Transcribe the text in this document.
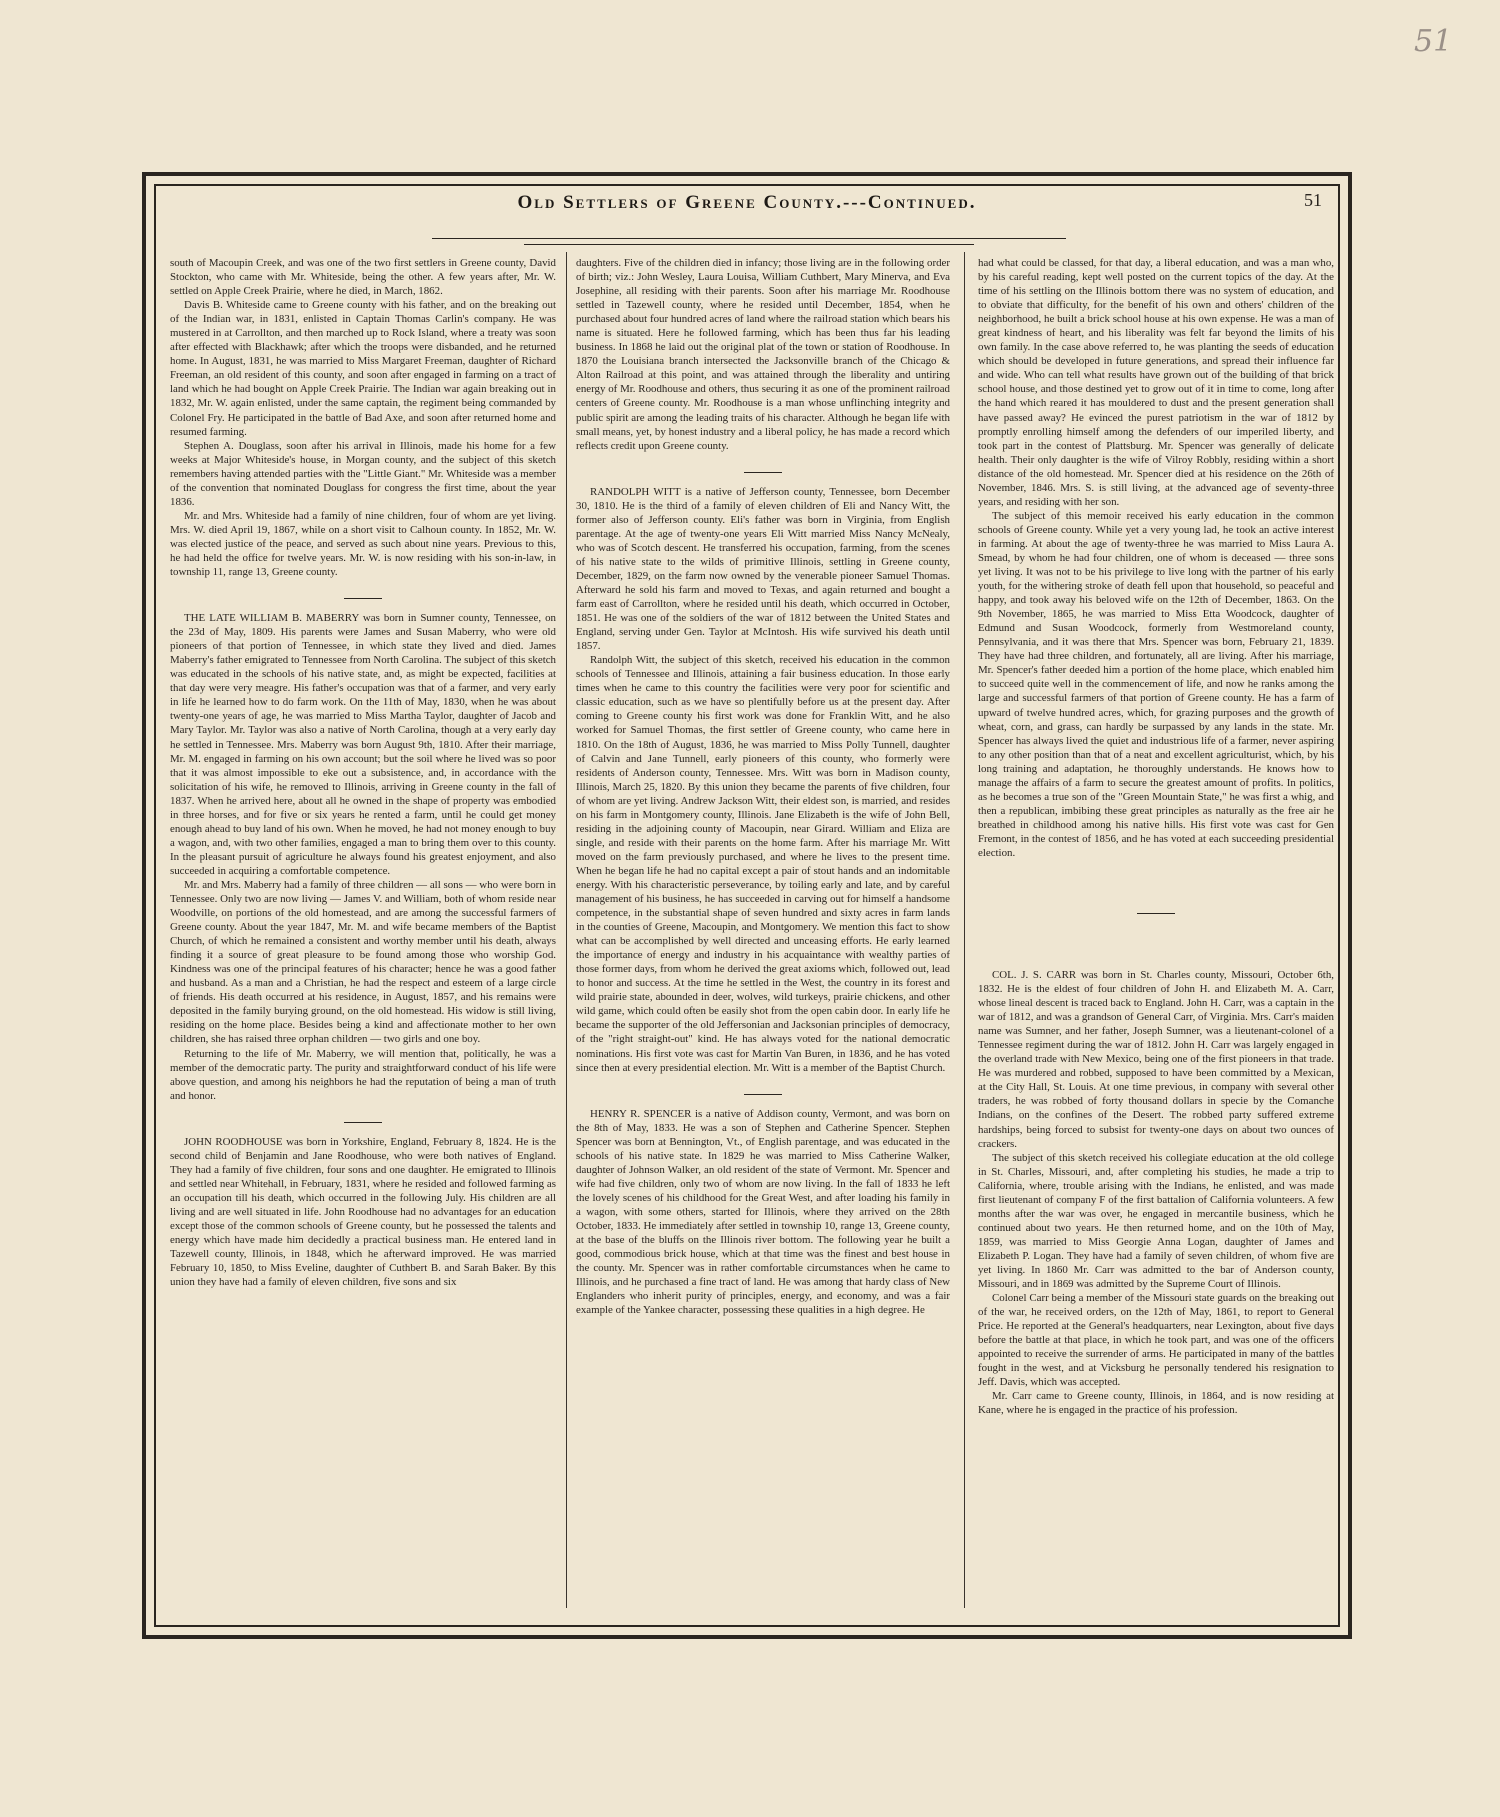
51
Old Settlers of Greene County.---Continued.	51

south of Macoupin Creek, and was one of the two first settlers in Greene county, David Stockton, who came with Mr. Whiteside, being the other. A few years after, Mr. W. settled on Apple Creek Prairie, where he died, in March, 1862.

Davis B. Whiteside came to Greene county with his father, and on the breaking out of the Indian war, in 1831, enlisted in Captain Thomas Carlin's company. He was mustered in at Carrollton, and then marched up to Rock Island, where a treaty was soon after effected with Blackhawk; after which the troops were disbanded, and he returned home. In August, 1831, he was married to Miss Margaret Freeman, daughter of Richard Freeman, an old resident of this county, and soon after engaged in farming on a tract of land which he had bought on Apple Creek Prairie. The Indian war again breaking out in 1832, Mr. W. again enlisted, under the same captain, the regiment being commanded by Colonel Fry. He participated in the battle of Bad Axe, and soon after returned home and resumed farming.

Stephen A. Douglass, soon after his arrival in Illinois, made his home for a few weeks at Major Whiteside's house, in Morgan county, and the subject of this sketch remembers having attended parties with the "Little Giant." Mr. Whiteside was a member of the convention that nominated Douglass for congress the first time, about the year 1836.

Mr. and Mrs. Whiteside had a family of nine children, four of whom are yet living. Mrs. W. died April 19, 1867, while on a short visit to Calhoun county. In 1852, Mr. W. was elected justice of the peace, and served as such about nine years. Previous to this, he had held the office for twelve years. Mr. W. is now residing with his son-in-law, in township 11, range 13, Greene county.

THE LATE WILLIAM B. MABERRY was born in Sumner county, Tennessee, on the 23d of May, 1809. His parents were James and Susan Maberry, who were old pioneers of that portion of Tennessee, in which state they lived and died. James Maberry's father emigrated to Tennessee from North Carolina. The subject of this sketch was educated in the schools of his native state, and, as might be expected, facilities at that day were very meagre. His father's occupation was that of a farmer, and very early in life he learned how to do farm work. On the 11th of May, 1830, when he was about twenty-one years of age, he was married to Miss Martha Taylor, daughter of Jacob and Mary Taylor. Mr. Taylor was also a native of North Carolina, though at a very early day he settled in Tennessee. Mrs. Maberry was born August 9th, 1810. After their marriage, Mr. M. engaged in farming on his own account; but the soil where he lived was so poor that it was almost impossible to eke out a subsistence, and, in accordance with the solicitation of his wife, he removed to Illinois, arriving in Greene county in the fall of 1837. When he arrived here, about all he owned in the shape of property was embodied in three horses, and for five or six years he rented a farm, until he could get money enough ahead to buy land of his own. When he moved, he had not money enough to buy a wagon, and, with two other families, engaged a man to bring them over to this county. In the pleasant pursuit of agriculture he always found his greatest enjoyment, and also succeeded in acquiring a comfortable competence.

Mr. and Mrs. Maberry had a family of three children — all sons — who were born in Tennessee. Only two are now living — James V. and William, both of whom reside near Woodville, on portions of the old homestead, and are among the successful farmers of Greene county. About the year 1847, Mr. M. and wife became members of the Baptist Church, of which he remained a consistent and worthy member until his death, always finding it a source of great pleasure to be found among those who worship God. Kindness was one of the principal features of his character; hence he was a good father and husband. As a man and a Christian, he had the respect and esteem of a large circle of friends. His death occurred at his residence, in August, 1857, and his remains were deposited in the family burying ground, on the old homestead. His widow is still living, residing on the home place. Besides being a kind and affectionate mother to her own children, she has raised three orphan children — two girls and one boy.

Returning to the life of Mr. Maberry, we will mention that, politically, he was a member of the democratic party. The purity and straightforward conduct of his life were above question, and among his neighbors he had the reputation of being a man of truth and honor.

JOHN ROODHOUSE was born in Yorkshire, England, February 8, 1824. He is the second child of Benjamin and Jane Roodhouse, who were both natives of England. They had a family of five children, four sons and one daughter. He emigrated to Illinois and settled near Whitehall, in February, 1831, where he resided and followed farming as an occupation till his death, which occurred in the following July. His children are all living and are well situated in life. John Roodhouse had no advantages for an education except those of the common schools of Greene county, but he possessed the talents and energy which have made him decidedly a practical business man. He entered land in Tazewell county, Illinois, in 1848, which he afterward improved. He was married February 10, 1850, to Miss Eveline, daughter of Cuthbert B. and Sarah Baker. By this union they have had a family of eleven children, five sons and six

daughters. Five of the children died in infancy; those living are in the following order of birth; viz.: John Wesley, Laura Louisa, William Cuthbert, Mary Minerva, and Eva Josephine, all residing with their parents. Soon after his marriage Mr. Roodhouse settled in Tazewell county, where he resided until December, 1854, when he purchased about four hundred acres of land where the railroad station which bears his name is situated. Here he followed farming, which has been thus far his leading business. In 1868 he laid out the original plat of the town or station of Roodhouse. In 1870 the Louisiana branch intersected the Jacksonville branch of the Chicago & Alton Railroad at this point, and was attained through the liberality and untiring energy of Mr. Roodhouse and others, thus securing it as one of the prominent railroad centers of Greene county. Mr. Roodhouse is a man whose unflinching integrity and public spirit are among the leading traits of his character. Although he began life with small means, yet, by honest industry and a liberal policy, he has made a record which reflects credit upon Greene county.

RANDOLPH WITT is a native of Jefferson county, Tennessee, born December 30, 1810. He is the third of a family of eleven children of Eli and Nancy Witt, the former also of Jefferson county. Eli's father was born in Virginia, from English parentage. At the age of twenty-one years Eli Witt married Miss Nancy McNealy, who was of Scotch descent. He transferred his occupation, farming, from the scenes of his native state to the wilds of primitive Illinois, settling in Greene county, December, 1829, on the farm now owned by the venerable pioneer Samuel Thomas. Afterward he sold his farm and moved to Texas, and again returned and bought a farm east of Carrollton, where he resided until his death, which occurred in October, 1851. He was one of the soldiers of the war of 1812 between the United States and England, serving under Gen. Taylor at McIntosh. His wife survived his death until 1857.

Randolph Witt, the subject of this sketch, received his education in the common schools of Tennessee and Illinois, attaining a fair business education. In those early times when he came to this country the facilities were very poor for scientific and classic education, such as we have so plentifully before us at the present day. After coming to Greene county his first work was done for Franklin Witt, and he also worked for Samuel Thomas, the first settler of Greene county, who came here in 1810. On the 18th of August, 1836, he was married to Miss Polly Tunnell, daughter of Calvin and Jane Tunnell, early pioneers of this county, who formerly were residents of Anderson county, Tennessee. Mrs. Witt was born in Madison county, Illinois, March 25, 1820. By this union they became the parents of five children, four of whom are yet living. Andrew Jackson Witt, their eldest son, is married, and resides on his farm in Montgomery county, Illinois. Jane Elizabeth is the wife of John Bell, residing in the adjoining county of Macoupin, near Girard. William and Eliza are single, and reside with their parents on the home farm. After his marriage Mr. Witt moved on the farm previously purchased, and where he lives to the present time. When he began life he had no capital except a pair of stout hands and an indomitable energy. With his characteristic perseverance, by toiling early and late, and by careful management of his business, he has succeeded in carving out for himself a handsome competence, in the substantial shape of seven hundred and sixty acres in farm lands in the counties of Greene, Macoupin, and Montgomery. We mention this fact to show what can be accomplished by well directed and unceasing efforts. He early learned the importance of energy and industry in his acquaintance with wealthy parties of those former days, from whom he derived the great axioms which, followed out, lead to honor and success. At the time he settled in the West, the country in its forest and wild prairie state, abounded in deer, wolves, wild turkeys, prairie chickens, and other wild game, which could often be easily shot from the open cabin door. In early life he became the supporter of the old Jeffersonian and Jacksonian principles of democracy, of the "right straight-out" kind. He has always voted for the national democratic nominations. His first vote was cast for Martin Van Buren, in 1836, and he has voted since then at every presidential election. Mr. Witt is a member of the Baptist Church.

HENRY R. SPENCER is a native of Addison county, Vermont, and was born on the 8th of May, 1833. He was a son of Stephen and Catherine Spencer. Stephen Spencer was born at Bennington, Vt., of English parentage, and was educated in the schools of his native state. In 1829 he was married to Miss Catherine Walker, daughter of Johnson Walker, an old resident of the state of Vermont. Mr. Spencer and wife had five children, only two of whom are now living. In the fall of 1833 he left the lovely scenes of his childhood for the Great West, and after loading his family in a wagon, with some others, started for Illinois, where they arrived on the 28th October, 1833. He immediately after settled in township 10, range 13, Greene county, at the base of the bluffs on the Illinois river bottom. The following year he built a good, commodious brick house, which at that time was the finest and best house in the county. Mr. Spencer was in rather comfortable circumstances when he came to Illinois, and he purchased a fine tract of land. He was among that hardy class of New Englanders who inherit purity of principles, energy, and economy, and was a fair example of the Yankee character, possessing these qualities in a high degree. He

had what could be classed, for that day, a liberal education, and was a man who, by his careful reading, kept well posted on the current topics of the day. At the time of his settling on the Illinois bottom there was no system of education, and to obviate that difficulty, for the benefit of his own and others' children of the neighborhood, he built a brick school house at his own expense. He was a man of great kindness of heart, and his liberality was felt far beyond the limits of his own family. In the case above referred to, he was planting the seeds of education which should be developed in future generations, and spread their influence far and wide. Who can tell what results have grown out of the building of that brick school house, and those destined yet to grow out of it in time to come, long after the hand which reared it has mouldered to dust and the present generation shall have passed away? He evinced the purest patriotism in the war of 1812 by promptly enrolling himself among the defenders of our imperiled liberty, and took part in the contest of Plattsburg. Mr. Spencer was generally of delicate health. Their only daughter is the wife of Vilroy Robbly, residing within a short distance of the old homestead. Mr. Spencer died at his residence on the 26th of November, 1846. Mrs. S. is still living, at the advanced age of seventy-three years, and residing with her son.

The subject of this memoir received his early education in the common schools of Greene county. While yet a very young lad, he took an active interest in farming. At about the age of twenty-three he was married to Miss Laura A. Smead, by whom he had four children, one of whom is deceased — three sons yet living. It was not to be his privilege to live long with the partner of his early youth, for the withering stroke of death fell upon that household, so peaceful and happy, and took away his beloved wife on the 12th of December, 1863. On the 9th November, 1865, he was married to Miss Etta Woodcock, daughter of Edmund and Susan Woodcock, formerly from Westmoreland county, Pennsylvania, and it was there that Mrs. Spencer was born, February 21, 1839. They have had three children, and fortunately, all are living. After his marriage, Mr. Spencer's father deeded him a portion of the home place, which enabled him to succeed quite well in the commencement of life, and now he ranks among the large and successful farmers of that portion of Greene county. He has a farm of upward of twelve hundred acres, which, for grazing purposes and the growth of wheat, corn, and grass, can hardly be surpassed by any lands in the state. Mr. Spencer has always lived the quiet and industrious life of a farmer, never aspiring to any other position than that of a neat and excellent agriculturist, which, by his long training and adaptation, he thoroughly understands. He knows how to manage the affairs of a farm to secure the greatest amount of profits. In politics, as he becomes a true son of the "Green Mountain State," he was first a whig, and then a republican, imbibing these great principles as naturally as the free air he breathed in childhood among his native hills. His first vote was cast for Gen Fremont, in the contest of 1856, and he has voted at each succeeding presidential election.

COL. J. S. CARR was born in St. Charles county, Missouri, October 6th, 1832. He is the eldest of four children of John H. and Elizabeth M. A. Carr, whose lineal descent is traced back to England. John H. Carr, was a captain in the war of 1812, and was a grandson of General Carr, of Virginia. Mrs. Carr's maiden name was Sumner, and her father, Joseph Sumner, was a lieutenant-colonel of a Tennessee regiment during the war of 1812. John H. Carr was largely engaged in the overland trade with New Mexico, being one of the first pioneers in that trade. He was murdered and robbed, supposed to have been committed by a Mexican, at the City Hall, St. Louis. At one time previous, in company with several other traders, he was robbed of forty thousand dollars in specie by the Comanche Indians, on the confines of the Desert. The robbed party suffered extreme hardships, being forced to subsist for twenty-one days on about two ounces of crackers.

The subject of this sketch received his collegiate education at the old college in St. Charles, Missouri, and, after completing his studies, he made a trip to California, where, trouble arising with the Indians, he enlisted, and was made first lieutenant of company F of the first battalion of California volunteers. A few months after the war was over, he engaged in mercantile business, which he continued about two years. He then returned home, and on the 10th of May, 1859, was married to Miss Georgie Anna Logan, daughter of James and Elizabeth P. Logan. They have had a family of seven children, of whom five are yet living. In 1860 Mr. Carr was admitted to the bar of Anderson county, Missouri, and in 1869 was admitted by the Supreme Court of Illinois.

Colonel Carr being a member of the Missouri state guards on the breaking out of the war, he received orders, on the 12th of May, 1861, to report to General Price. He reported at the General's headquarters, near Lexington, about five days before the battle at that place, in which he took part, and was one of the officers appointed to receive the surrender of arms. He participated in many of the battles fought in the west, and at Vicksburg he personally tendered his resignation to Jeff. Davis, which was accepted.

Mr. Carr came to Greene county, Illinois, in 1864, and is now residing at Kane, where he is engaged in the practice of his profession.
